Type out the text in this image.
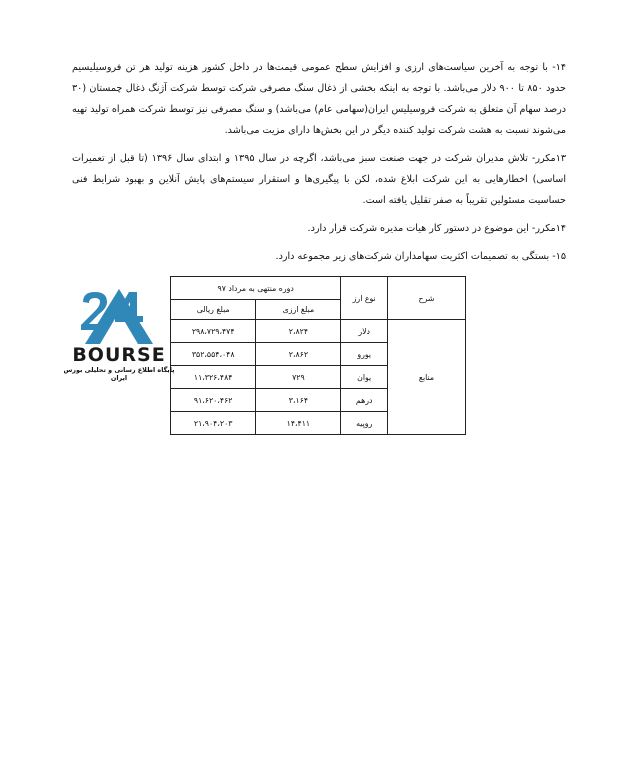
۱۴- با توجه به آخرین سیاست‌های ارزی و افزایش سطح عمومی قیمت‌ها در داخل کشور هزینه تولید هر تن فروسیلیسیم حدود ۸۵۰ تا ۹۰۰ دلار می‌باشد. با توجه به اینکه بخشی از ذغال سنگ مصرفی شرکت توسط شرکت آژنگ ذغال چمستان (۳۰ درصد سهام آن متعلق به شرکت فروسیلیس ایران(سهامی عام) می‌باشد) و سنگ مصرفی نیز توسط شرکت همراه تولید تهیه می‌شوند نسبت به هشت شرکت تولید کننده دیگر در این بخش‌ها دارای مزیت می‌باشد.
۱۳مکرر- تلاش مدیران شرکت در جهت صنعت سبز می‌باشد، اگرچه در سال ۱۳۹۵ و ابتدای سال ۱۳۹۶ (تا قبل از تعمیرات اساسی) اخطارهایی به این شرکت ابلاغ شده، لکن با پیگیری‌ها و استقرار سیستم‌های پایش آنلاین و بهبود شرایط فنی حساسیت مسئولین تقریباً به صفر تقلیل یافته است.
۱۴مکرر- این موضوع در دستور کار هیات مدیره شرکت قرار دارد.
۱۵- بستگی به تصمیمات اکثریت سهامداران شرکت‌های زیر مجموعه دارد.
شرح	نوع ارز	دوره منتهی به مرداد ۹۷	
		مبلغ ارزی	مبلغ ریالی
منابع	دلار	۲،۸۲۴	۲۹۸،۷۲۹،۴۷۴
	یورو	۲،۸۶۲	۳۵۲،۵۵۴،۰۴۸
	یوان	۷۲۹	۱۱،۳۲۶،۴۸۴
	درهم	۳،۱۶۴	۹۱،۶۲۰،۴۶۲
	روپیه	۱۴،۴۱۱	۲۱،۹۰۴،۲۰۳
BOURSE
پایگاه اطلاع رسانی و تحلیلی بورس ایران
